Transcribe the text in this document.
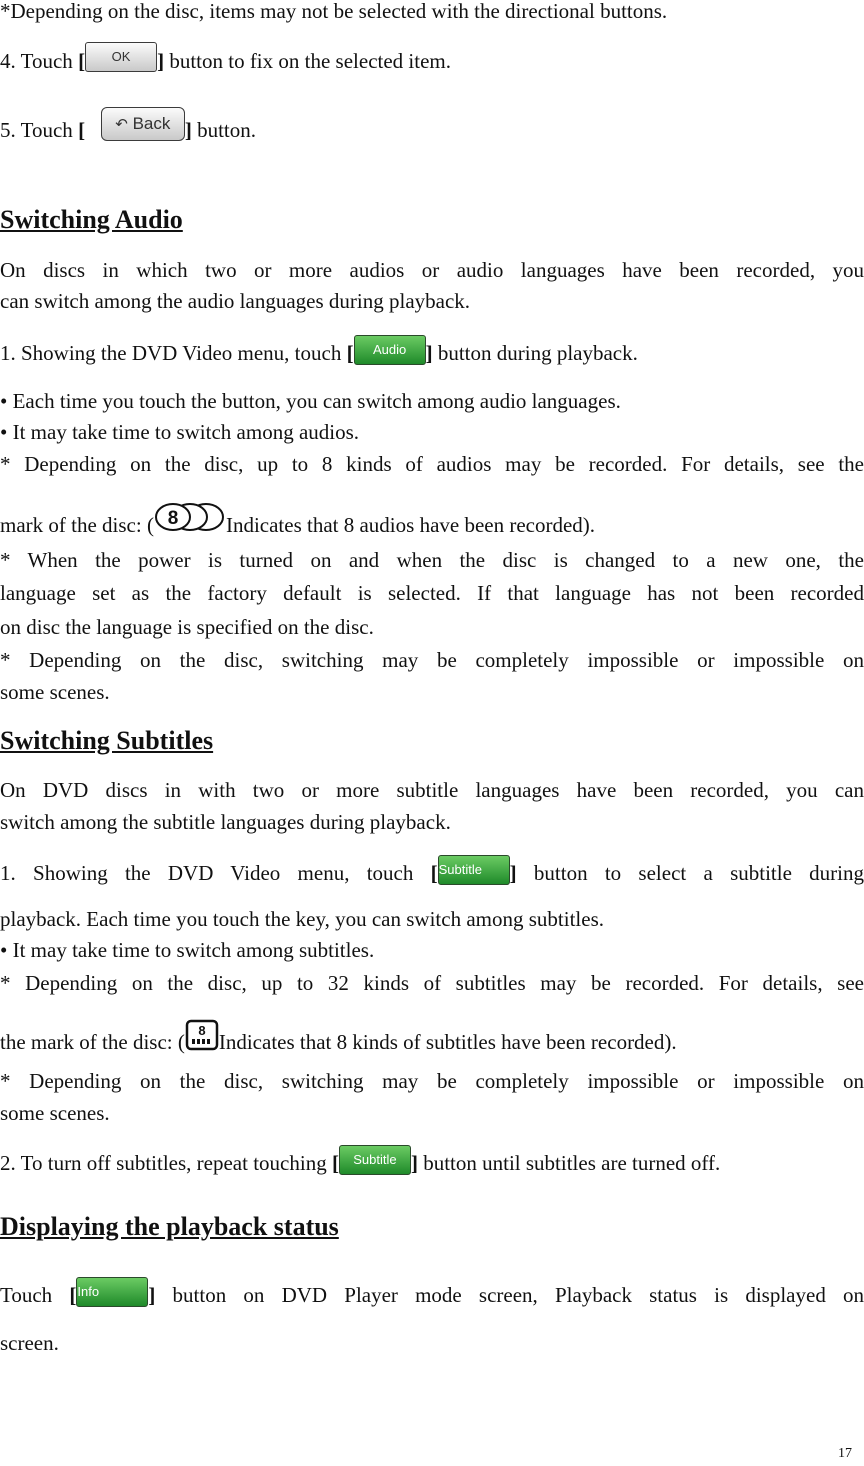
*Depending on the disc, items may not be selected with the directional buttons.
4. Touch [ OK ] button to fix on the selected item.
5. Touch [ ↶ Back ] button.
Switching Audio
On discs in which two or more audios or audio languages have been recorded, you
can switch among the audio languages during playback.
1. Showing the DVD Video menu, touch [ Audio ] button during playback.
• Each time you touch the button, you can switch among audio languages.
• It may take time to switch among audios.
* Depending on the disc, up to 8 kinds of audios may be recorded. For details, see the
mark of the disc: ( 8 Indicates that 8 audios have been recorded).
* When the power is turned on and when the disc is changed to a new one, the
language set as the factory default is selected. If that language has not been recorded
on disc the language is specified on the disc.
* Depending on the disc, switching may be completely impossible or impossible on
some scenes.
Switching Subtitles
On DVD discs in with two or more subtitle languages have been recorded, you can
switch among the subtitle languages during playback.
1. Showing the DVD Video menu, touch [Subtitle ] button to select a subtitle during
playback. Each time you touch the key, you can switch among subtitles.
• It may take time to switch among subtitles.
* Depending on the disc, up to 32 kinds of subtitles may be recorded. For details, see
the mark of the disc: ( 8 Indicates that 8 kinds of subtitles have been recorded).
* Depending on the disc, switching may be completely impossible or impossible on
some scenes.
2. To turn off subtitles, repeat touching [ Subtitle ] button until subtitles are turned off.
Displaying the playback status
Touch [Info ] button on DVD Player mode screen, Playback status is displayed on
screen.
17
